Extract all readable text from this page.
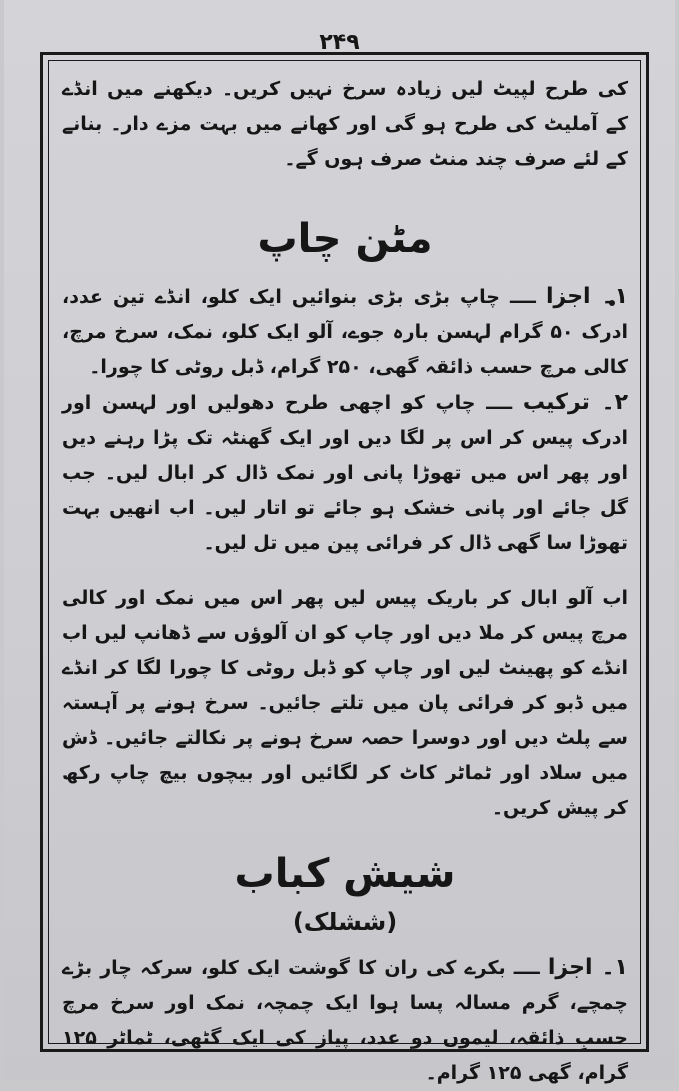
۲۴۹

کی طرح لپیٹ لیں زیادہ سرخ نہیں کریں۔ دیکھنے میں انڈے کے آملیٹ کی طرح ہو گی اور کھانے میں بہت مزے دار۔ بنانے کے لئے صرف چند منٹ صرف ہوں گے۔

مٹن چاپ

۱۔ اجزا ــــ چاپ بڑی بڑی بنوائیں ایک کلو، انڈے تین عدد، ادرک ۵۰ گرام لہسن بارہ جوے، آلو ایک کلو، نمک، سرخ مرچ، کالی مرچ حسب ذائقہ گھی، ۲۵۰ گرام، ڈبل روٹی کا چورا۔

۲۔ ترکیب ــــ چاپ کو اچھی طرح دھولیں اور لہسن اور ادرک پیس کر اس پر لگا دیں اور ایک گھنٹہ تک پڑا رہنے دیں اور پھر اس میں تھوڑا پانی اور نمک ڈال کر ابال لیں۔ جب گل جائے اور پانی خشک ہو جائے تو اتار لیں۔ اب انھیں بہت تھوڑا سا گھی ڈال کر فرائی پین میں تل لیں۔

اب آلو ابال کر باریک پیس لیں پھر اس میں نمک اور کالی مرچ پیس کر ملا دیں اور چاپ کو ان آلوؤں سے ڈھانپ لیں اب انڈے کو پھینٹ لیں اور چاپ کو ڈبل روٹی کا چورا لگا کر انڈے میں ڈبو کر فرائی پان میں تلتے جائیں۔ سرخ ہونے پر آہستہ سے پلٹ دیں اور دوسرا حصہ سرخ ہونے پر نکالتے جائیں۔ ڈش میں سلاد اور ٹماٹر کاٹ کر لگائیں اور بیچوں بیچ چاپ رکھ کر پیش کریں۔

شیش کباب
(ششلک)

۱۔ اجزا ــــ بکرے کی ران کا گوشت ایک کلو، سرکہ چار بڑے چمچے، گرم مسالہ پسا ہوا ایک چمچہ، نمک اور سرخ مرچ حسبِ ذائقہ، لیموں دو عدد، پیاز کی ایک گٹھی، ٹماٹر ۱۲۵ گرام، گھی ۱۲۵ گرام۔
